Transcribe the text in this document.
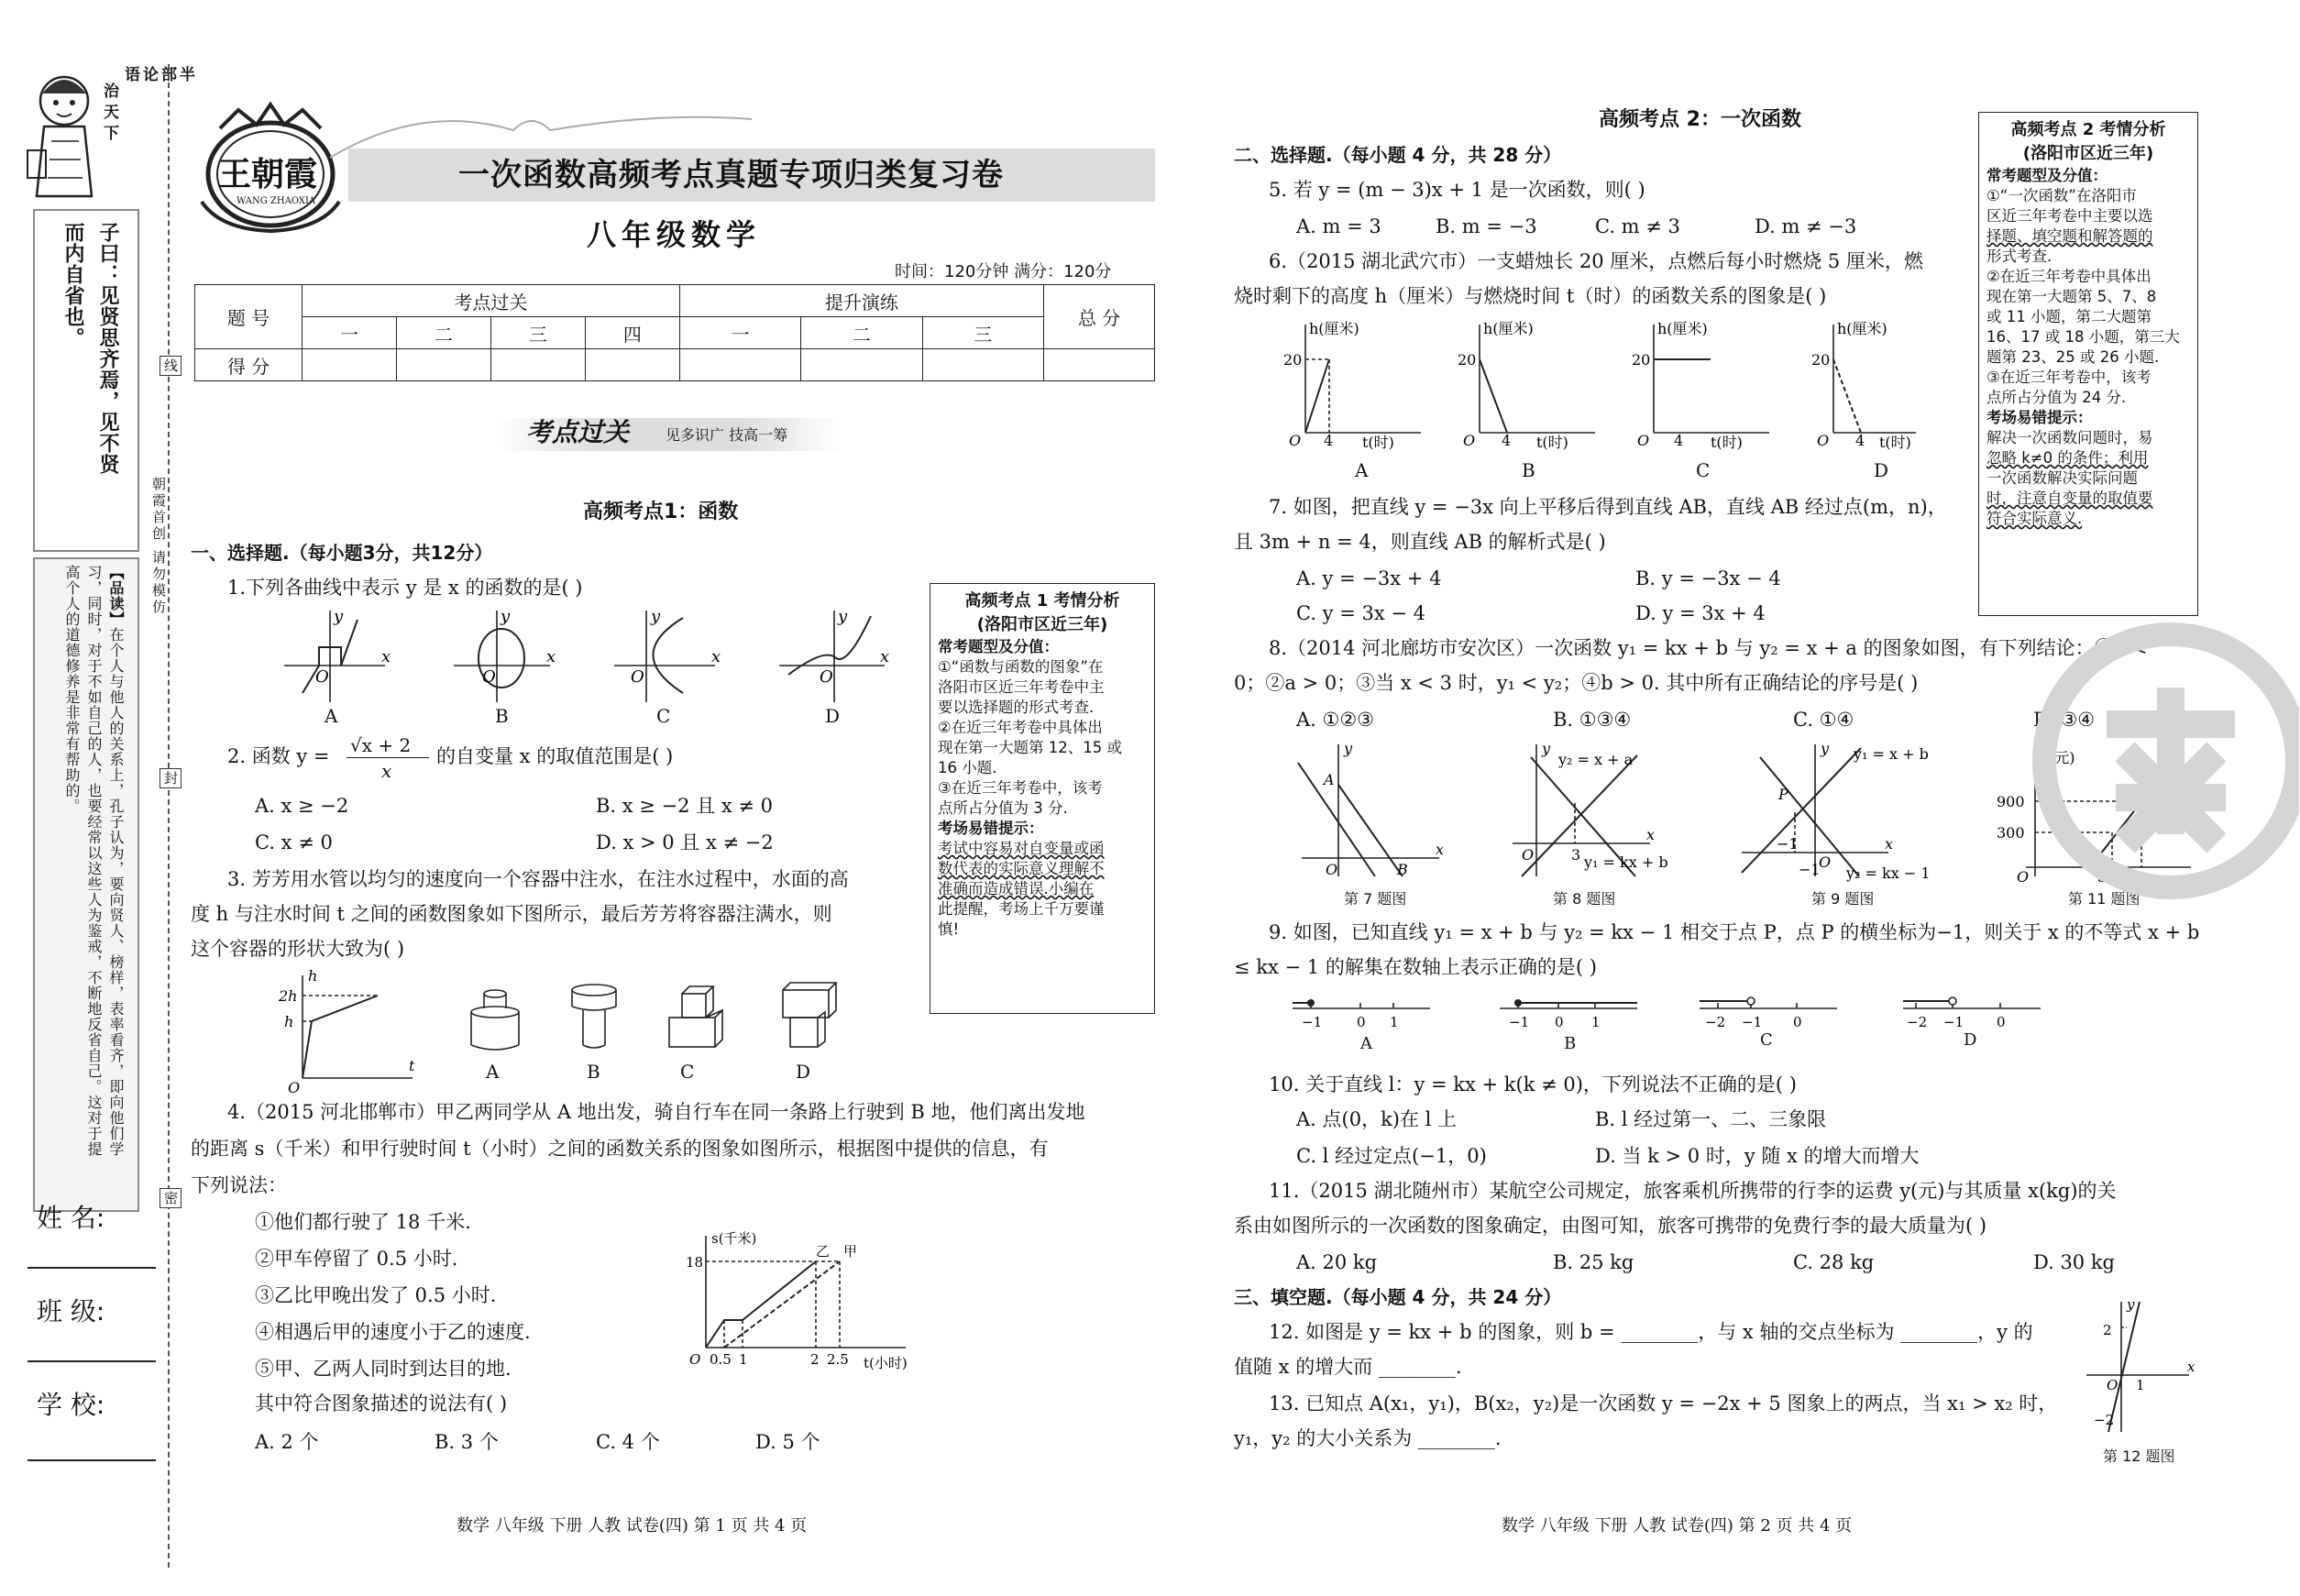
半
部
论
语
治天下
子曰：见贤思齐焉，见不贤
而内自省也。
【品读】在个人与他人的关系上，孔子认为，要向贤人、榜样，表率看齐，即向他们学
习，同时，对于不如自己的人，也要经常以这些人为鉴戒，不断地反省自己。这对于提
高个人的道德修养是非常有帮助的。
姓 名:
班 级:
学 校:
线
封
密
朝霞首创 请勿模仿
王朝霞
WANG ZHAOXIA
一次函数高频考点真题专项归类复习卷
八年级数学
时间：120分钟 满分：120分
题 号	考点过关				提升演练			总 分
	一	二	三	四	一	二	三	
得 分								
考点过关 见多识广 技高一筹
高频考点1：函数
一、选择题.（每小题3分，共12分）
1.下列各曲线中表示 y 是 x 的函数的是( )
O
x
y
O
x
y
O
x
y
O
x
y
A	B	C	D
2. 函数 y = √x + 2
x
的自变量 x 的取值范围是( )
A. x ≥ −2	B. x ≥ −2 且 x ≠ 0
C. x ≠ 0	D. x > 0 且 x ≠ −2
3. 芳芳用水管以均匀的速度向一个容器中注水，在注水过程中，水面的高
度 h 与注水时间 t 之间的函数图象如下图所示，最后芳芳将容器注满水，则
这个容器的形状大致为( )
h
2h
h
t
O
A	B	C	D
4.（2015 河北邯郸市）甲乙两同学从 A 地出发，骑自行车在同一条路上行驶到 B 地，他们离出发地
的距离 s（千米）和甲行驶时间 t（小时）之间的函数关系的图象如图所示，根据图中提供的信息，有
下列说法：
①他们都行驶了 18 千米.
②甲车停留了 0.5 小时.
③乙比甲晚出发了 0.5 小时.
④相遇后甲的速度小于乙的速度.
⑤甲、乙两人同时到达目的地.
其中符合图象描述的说法有( )
A. 2 个	B. 3 个	C. 4 个	D. 5 个
s(千米)
18
O 0.5 1	2 2.5 t(小时)
乙 甲
高频考点 1 考情分析
(洛阳市区近三年)
常考题型及分值：
①“函数与函数的图象”在
洛阳市区近三年考卷中主
要以选择题的形式考查.
②在近三年考卷中具体出
现在第一大题第 12、15 或
16 小题.
③在近三年考卷中，该考
点所占分值为 3 分.
考场易错提示：
考试中容易对自变量或函
数代表的实际意义理解不
准确而造成错误.小编在
此提醒，考场上千万要谨
慎!
数学 八年级 下册 人教 试卷(四) 第 1 页 共 4 页
高频考点 2：一次函数
二、选择题.（每小题 4 分，共 28 分）
5. 若 y = (m − 3)x + 1 是一次函数，则( )
A. m = 3	B. m = −3	C. m ≠ 3	D. m ≠ −3
6.（2015 湖北武穴市）一支蜡烛长 20 厘米，点燃后每小时燃烧 5 厘米，燃
烧时剩下的高度 h（厘米）与燃烧时间 t（时）的函数关系的图象是( )
h(厘米)
20
O 4 t(时)
h(厘米)
20
O 4 t(时)
h(厘米)
20
O 4 t(时)
h(厘米)
20
O 4 t(时)
A	B	C	D
7. 如图，把直线 y = −3x 向上平移后得到直线 AB，直线 AB 经过点(m，n)，
且 3m + n = 4，则直线 AB 的解析式是( )
A. y = −3x + 4	B. y = −3x − 4
C. y = 3x − 4	D. y = 3x + 4
8.（2014 河北廊坊市安次区）一次函数 y₁ = kx + b 与 y₂ = x + a 的图象如图，有下列结论：①k <
0；②a > 0；③当 x < 3 时，y₁ < y₂；④b > 0. 其中所有正确结论的序号是( )
A. ①②③	B. ①③④	C. ①④	D. ③④
y
x
O
A
B
y
x
O	3
y₂ = x + a
y₁ = kx + b
y
x
O
P
−1
−1
y₁ = x + b
y₂ = kx − 1
y(元)
O
900
300
30 50 x(kg)
第 7 题图	第 8 题图	第 9 题图	第 11 题图
9. 如图，已知直线 y₁ = x + b 与 y₂ = kx − 1 相交于点 P，点 P 的横坐标为−1，则关于 x 的不等式 x + b
≤ kx − 1 的解集在数轴上表示正确的是( )
−1	0 1	−1 0 1	−2 −1 0	−2 −1 0
A	B	C	D
10. 关于直线 l：y = kx + k(k ≠ 0)，下列说法不正确的是( )
A. 点(0，k)在 l 上	B. l 经过第一、二、三象限
C. l 经过定点(−1，0)	D. 当 k > 0 时，y 随 x 的增大而增大
11.（2015 湖北随州市）某航空公司规定，旅客乘机所携带的行李的运费 y(元)与其质量 x(kg)的关
系由如图所示的一次函数的图象确定，由图可知，旅客可携带的免费行李的最大质量为( )
A. 20 kg	B. 25 kg	C. 28 kg	D. 30 kg
三、填空题.（每小题 4 分，共 24 分）
12. 如图是 y = kx + b 的图象，则 b = ________，与 x 轴的交点坐标为 ________，y 的
值随 x 的增大而 ________.
13. 已知点 A(x₁，y₁)，B(x₂，y₂)是一次函数 y = −2x + 5 图象上的两点，当 x₁ > x₂ 时，
y₁，y₂ 的大小关系为 ________.
y
x
2
O 1
−2
第 12 题图
高频考点 2 考情分析
(洛阳市区近三年)
常考题型及分值：
①“一次函数”在洛阳市
区近三年考卷中主要以选
择题、填空题和解答题的
形式考查.
②在近三年考卷中具体出
现在第一大题第 5、7、8
或 11 小题，第二大题第
16、17 或 18 小题，第三大
题第 23、25 或 26 小题.
③在近三年考卷中，该考
点所占分值为 24 分.
考场易错提示：
解决一次函数问题时，易
忽略 k≠0 的条件；利用
一次函数解决实际问题
时，注意自变量的取值要
符合实际意义.
数学 八年级 下册 人教 试卷(四) 第 2 页 共 4 页
